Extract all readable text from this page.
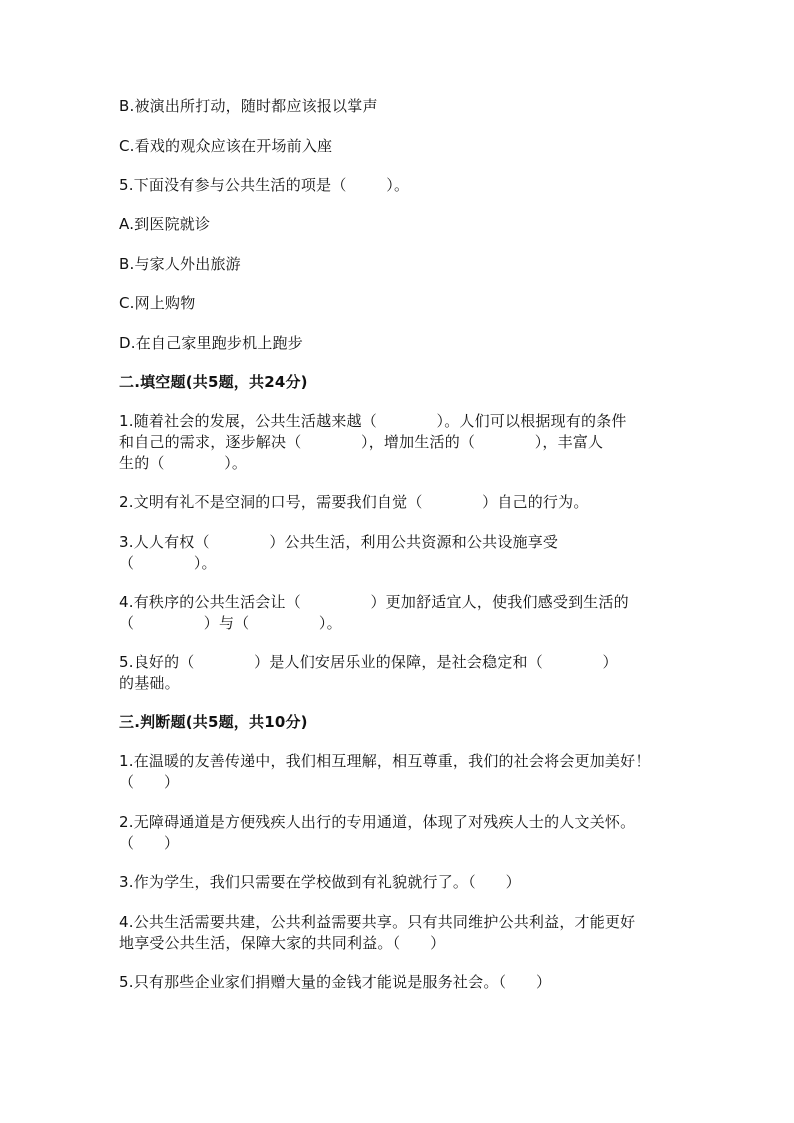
B.被演出所打动，随时都应该报以掌声
C.看戏的观众应该在开场前入座
5.下面没有参与公共生活的项是（        ）。
A.到医院就诊
B.与家人外出旅游
C.网上购物
D.在自己家里跑步机上跑步
二.填空题(共5题，共24分)
1.随着社会的发展，公共生活越来越（            ）。人们可以根据现有的条件
和自己的需求，逐步解决（            ），增加生活的（            ），丰富人
生的（            ）。
2.文明有礼不是空洞的口号，需要我们自觉（            ）自己的行为。
3.人人有权（            ）公共生活，利用公共资源和公共设施享受
（            ）。
4.有秩序的公共生活会让（              ）更加舒适宜人，使我们感受到生活的
（              ）与（              ）。
5.良好的（            ）是人们安居乐业的保障，是社会稳定和（            ）
的基础。
三.判断题(共5题，共10分)
1.在温暖的友善传递中，我们相互理解，相互尊重，我们的社会将会更加美好！
（      ）
2.无障碍通道是方便残疾人出行的专用通道，体现了对残疾人士的人文关怀。
（      ）
3.作为学生，我们只需要在学校做到有礼貌就行了。（      ）
4.公共生活需要共建，公共利益需要共享。只有共同维护公共利益，才能更好
地享受公共生活，保障大家的共同利益。（      ）
5.只有那些企业家们捐赠大量的金钱才能说是服务社会。（      ）
